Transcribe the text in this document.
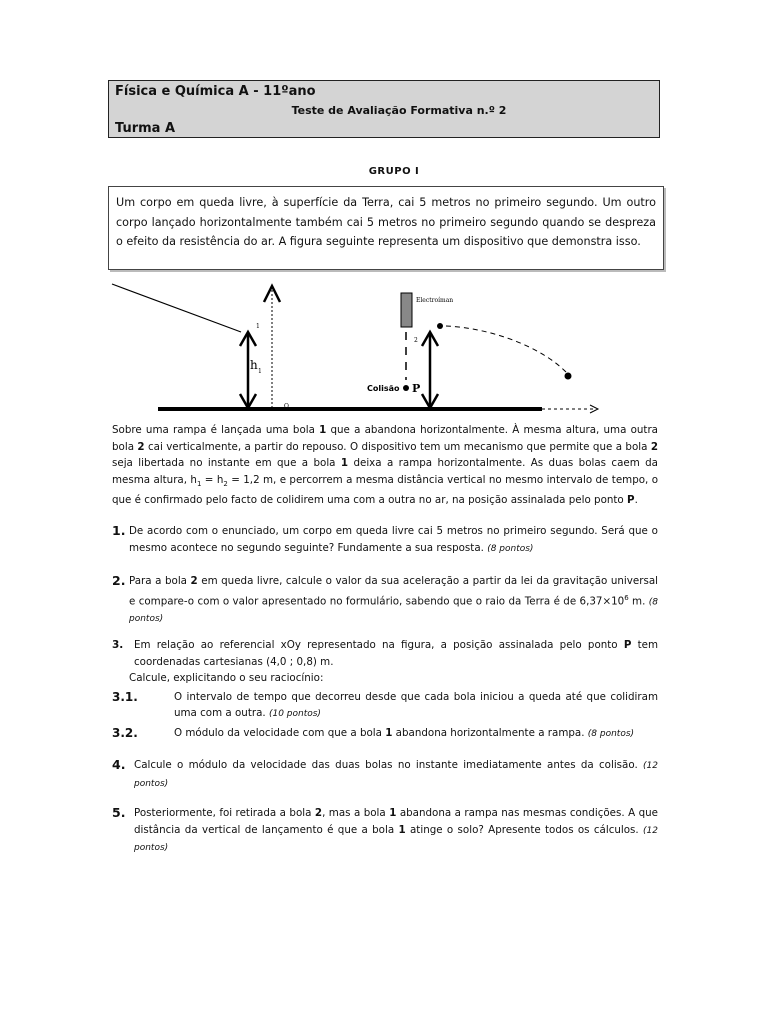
Física e Química A - 11ºano
Teste de Avaliação Formativa n.º 2
Turma A
GRUPO I
Um corpo em queda livre, à superfície da Terra, cai 5 metros no primeiro segundo. Um outro corpo lançado horizontalmente também cai 5 metros no primeiro segundo quando se despreza o efeito da resistência do ar. A figura seguinte representa um dispositivo que demonstra isso.
h 1
1
O
Electroíman
2
Colisão P
Sobre uma rampa é lançada uma bola 1 que a abandona horizontalmente. À mesma altura, uma outra bola 2 cai verticalmente, a partir do repouso. O dispositivo tem um mecanismo que permite que a bola 2 seja libertada no instante em que a bola 1 deixa a rampa horizontalmente. As duas bolas caem da mesma altura, $h_1 = h_2 = 1,2$ m, e percorrem a mesma distância vertical no mesmo intervalo de tempo, o que é confirmado pelo facto de colidirem uma com a outra no ar, na posição assinalada pelo ponto P.
1. De acordo com o enunciado, um corpo em queda livre cai 5 metros no primeiro segundo. Será que o mesmo acontece no segundo seguinte? Fundamente a sua resposta. (8 pontos)
2. Para a bola 2 em queda livre, calcule o valor da sua aceleração a partir da lei da gravitação universal e compare-o com o valor apresentado no formulário, sabendo que o raio da Terra é de $6,37\times 10^6$ m. (8 pontos)
3. Em relação ao referencial xOy representado na figura, a posição assinalada pelo ponto P tem coordenadas cartesianas (4,0 ; 0,8) m.
Calcule, explicitando o seu raciocínio:
3.1.	O intervalo de tempo que decorreu desde que cada bola iniciou a queda até que colidiram uma com a outra. (10 pontos)
3.2.	O módulo da velocidade com que a bola 1 abandona horizontalmente a rampa. (8 pontos)
4. Calcule o módulo da velocidade das duas bolas no instante imediatamente antes da colisão. (12 pontos)
5. Posteriormente, foi retirada a bola 2, mas a bola 1 abandona a rampa nas mesmas condições. A que distância da vertical de lançamento é que a bola 1 atinge o solo? Apresente todos os cálculos. (12 pontos)
